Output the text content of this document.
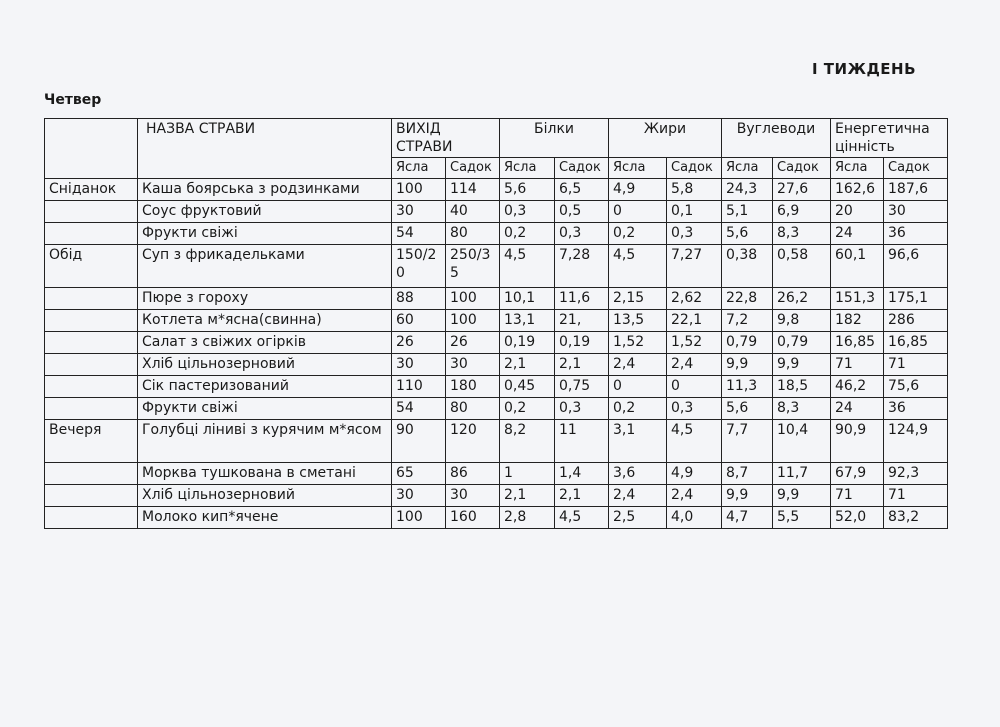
I ТИЖДЕНЬ
Четвер
	НАЗВА СТРАВИ	ВИХІД СТРАВИ		Білки		Жири		Вуглеводи		Енергетична цінність	
		Ясла	Садок	Ясла	Садок	Ясла	Садок	Ясла	Садок	Ясла	Садок
Сніданок	Каша боярська з родзинками	100	114	5,6	6,5	4,9	5,8	24,3	27,6	162,6	187,6
	Соус фруктовий	30	40	0,3	0,5	0	0,1	5,1	6,9	20	30
	Фрукти свіжі	54	80	0,2	0,3	0,2	0,3	5,6	8,3	24	36
Обід	Суп з фрикадельками	150/20	250/35	4,5	7,28	4,5	7,27	0,38	0,58	60,1	96,6
	Пюре з гороху	88	100	10,1	11,6	2,15	2,62	22,8	26,2	151,3	175,1
	Котлета м*ясна(свинна)	60	100	13,1	21,	13,5	22,1	7,2	9,8	182	286
	Салат з свіжих огірків	26	26	0,19	0,19	1,52	1,52	0,79	0,79	16,85	16,85
	Хліб цільнозерновий	30	30	2,1	2,1	2,4	2,4	9,9	9,9	71	71
	Сік пастеризований	110	180	0,45	0,75	0	0	11,3	18,5	46,2	75,6
	Фрукти свіжі	54	80	0,2	0,3	0,2	0,3	5,6	8,3	24	36
Вечеря	Голубці ліниві з курячим м*ясом	90	120	8,2	11	3,1	4,5	7,7	10,4	90,9	124,9
	Морква тушкована в сметані	65	86	1	1,4	3,6	4,9	8,7	11,7	67,9	92,3
	Хліб цільнозерновий	30	30	2,1	2,1	2,4	2,4	9,9	9,9	71	71
	Молоко кип*ячене	100	160	2,8	4,5	2,5	4,0	4,7	5,5	52,0	83,2
